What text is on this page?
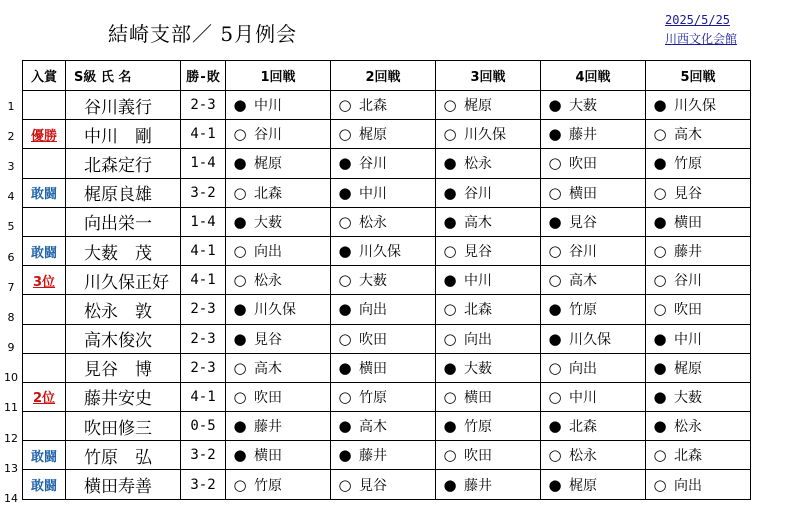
結崎支部／ 5月例会
2025/5/25
川西文化会館
1
2
3
4
5
6
7
8
9
10
11
12
13
14
入賞	S級 氏 名	勝-敗	1回戦	2回戦	3回戦	4回戦	5回戦
	谷川義行	2-3	● 中川	○ 北森	○ 梶原	● 大薮	● 川久保
優勝	中川　剛	4-1	○ 谷川	○ 梶原	○ 川久保	● 藤井	○ 高木
	北森定行	1-4	● 梶原	● 谷川	● 松永	○ 吹田	● 竹原
敢闘	梶原良雄	3-2	○ 北森	● 中川	● 谷川	○ 横田	○ 見谷
	向出栄一	1-4	● 大薮	○ 松永	● 高木	● 見谷	● 横田
敢闘	大薮　茂	4-1	○ 向出	● 川久保	○ 見谷	○ 谷川	○ 藤井
3位	川久保正好	4-1	○ 松永	○ 大薮	● 中川	○ 高木	○ 谷川
	松永　敦	2-3	● 川久保	● 向出	○ 北森	● 竹原	○ 吹田
	高木俊次	2-3	● 見谷	○ 吹田	○ 向出	● 川久保	● 中川
	見谷　博	2-3	○ 高木	● 横田	● 大薮	○ 向出	● 梶原
2位	藤井安史	4-1	○ 吹田	○ 竹原	○ 横田	○ 中川	● 大薮
	吹田修三	0-5	● 藤井	● 高木	● 竹原	● 北森	● 松永
敢闘	竹原　弘	3-2	● 横田	● 藤井	○ 吹田	○ 松永	○ 北森
敢闘	横田寿善	3-2	○ 竹原	○ 見谷	● 藤井	● 梶原	○ 向出
